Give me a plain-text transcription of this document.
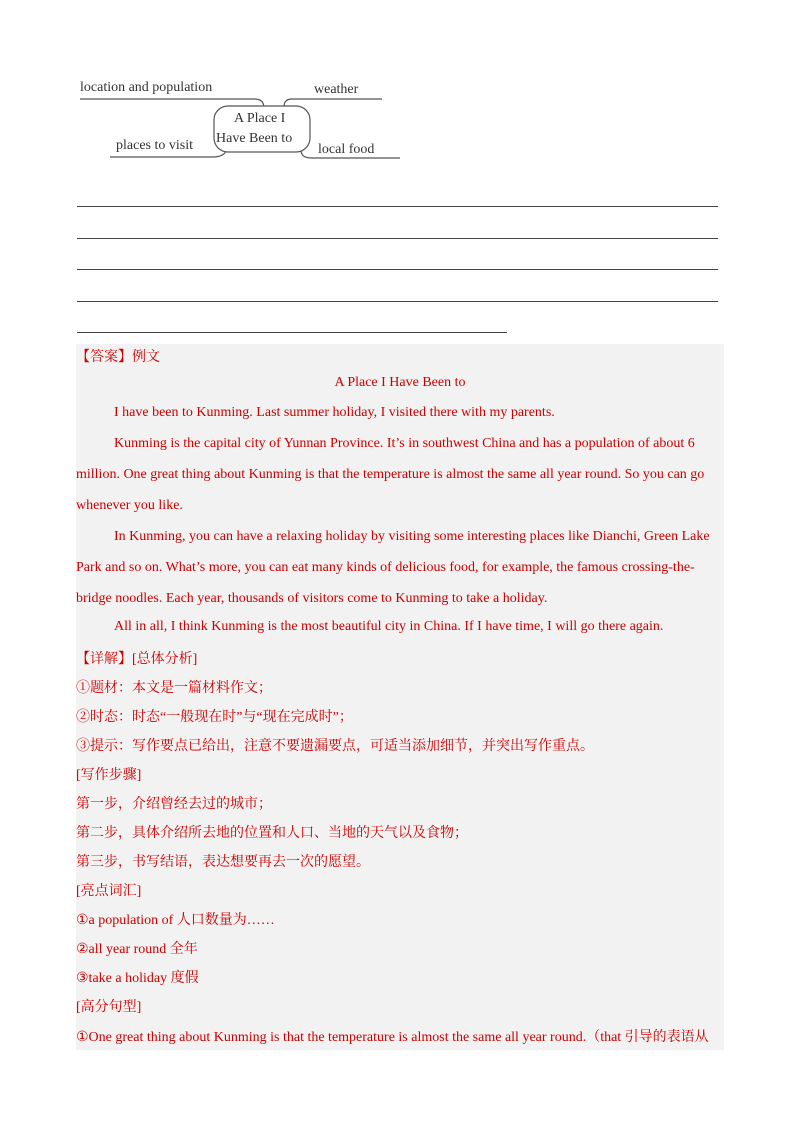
location and population	weather
places to visit	local food
A Place I
Have Been to
【答案】例文
A Place I Have Been to
I have been to Kunming. Last summer holiday, I visited there with my parents.
Kunming is the capital city of Yunnan Province. It’s in southwest China and has a population of about 6
million. One great thing about Kunming is that the temperature is almost the same all year round. So you can go
whenever you like.
In Kunming, you can have a relaxing holiday by visiting some interesting places like Dianchi, Green Lake
Park and so on. What’s more, you can eat many kinds of delicious food, for example, the famous crossing-the-
bridge noodles. Each year, thousands of visitors come to Kunming to take a holiday.
All in all, I think Kunming is the most beautiful city in China. If I have time, I will go there again.
【详解】[总体分析]
①题材：本文是一篇材料作文；
②时态：时态“一般现在时”与“现在完成时”；
③提示：写作要点已给出，注意不要遗漏要点，可适当添加细节，并突出写作重点。
[写作步骤]
第一步，介绍曾经去过的城市；
第二步，具体介绍所去地的位置和人口、当地的天气以及食物；
第三步，书写结语，表达想要再去一次的愿望。
[亮点词汇]
①a population of 人口数量为……
②all year round 全年
③take a holiday 度假
[高分句型]
①One great thing about Kunming is that the temperature is almost the same all year round.（that 引导的表语从
